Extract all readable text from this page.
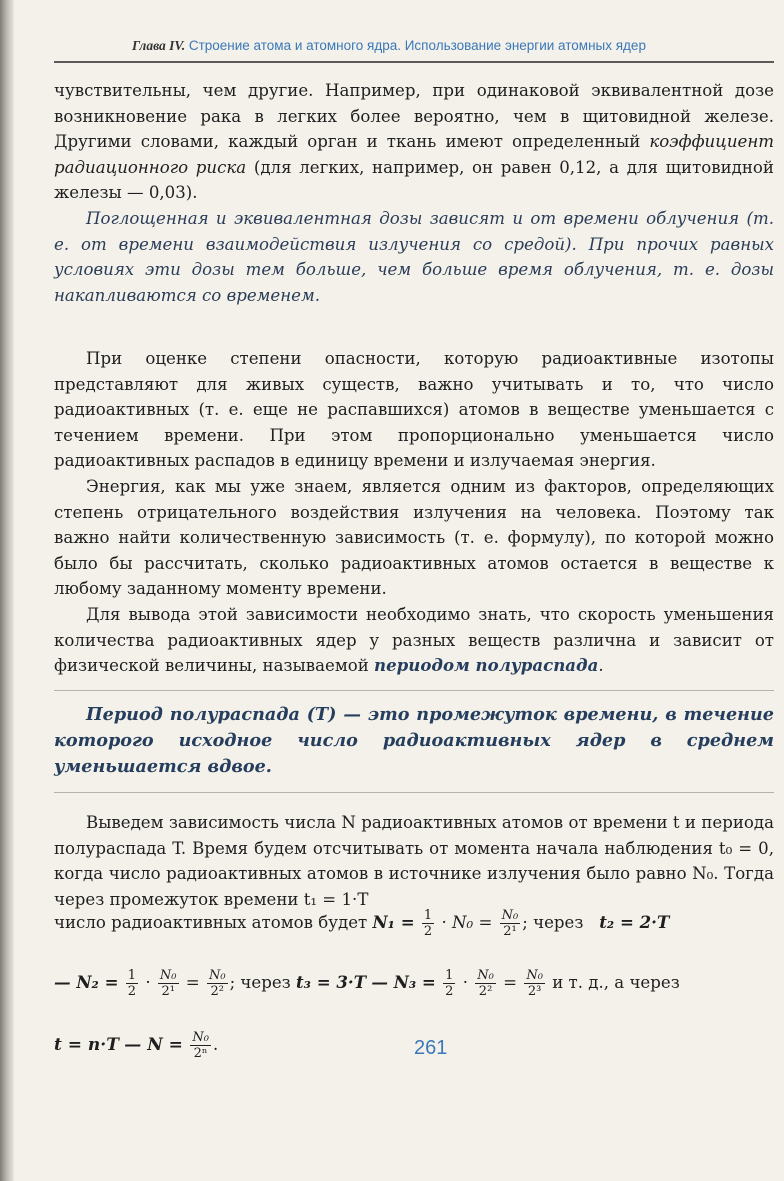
Глава IV. Строение атома и атомного ядра. Использование энергии атомных ядер

чувствительны, чем другие. Например, при одинаковой эквивалентной дозе возникновение рака в легких более вероятно, чем в щитовидной железе. Другими словами, каждый орган и ткань имеют определенный коэффициент радиационного риска (для легких, например, он равен 0,12, а для щитовидной железы — 0,03).

Поглощенная и эквивалентная дозы зависят и от времени облучения (т. е. от времени взаимодействия излучения со средой). При прочих равных условиях эти дозы тем больше, чем больше время облучения, т. е. дозы накапливаются со временем.

При оценке степени опасности, которую радиоактивные изотопы представляют для живых существ, важно учитывать и то, что число радиоактивных (т. е. еще не распавшихся) атомов в веществе уменьшается с течением времени. При этом пропорционально уменьшается число радиоактивных распадов в единицу времени и излучаемая энергия.

Энергия, как мы уже знаем, является одним из факторов, определяющих степень отрицательного воздействия излучения на человека. Поэтому так важно найти количественную зависимость (т. е. формулу), по которой можно было бы рассчитать, сколько радиоактивных атомов остается в веществе к любому заданному моменту времени.

Для вывода этой зависимости необходимо знать, что скорость уменьшения количества радиоактивных ядер у разных веществ различна и зависит от физической величины, называемой периодом полураспада.

Период полураспада (T) — это промежуток времени, в течение которого исходное число радиоактивных ядер в среднем уменьшается вдвое.

Выведем зависимость числа N радиоактивных атомов от времени t и периода полураспада T. Время будем отсчитывать от момента начала наблюдения t₀ = 0, когда число радиоактивных атомов в источнике излучения было равно N₀. Тогда через промежуток времени t₁ = 1·T

число радиоактивных атомов будет $N_1 = \frac{1}{2} \cdot N_0 = \frac{\text{N₀}}{\text{2¹}}$ ; через t₂ = 2·T
— $N_2 = \frac{1}{2} \cdot \frac{\text{N₀}}{\text{2¹}} = \frac{\text{N₀}}{\text{2²}}$ ; через t₃ = 3·T — $N_3 = \frac{1}{2} \cdot \frac{\text{N₀}}{\text{2²}} = \frac{\text{N₀}}{\text{2³}}$ и т. д., а через
t = n·T — $N = \frac{\text{N₀}}{\text{2ⁿ}}$ .	261
